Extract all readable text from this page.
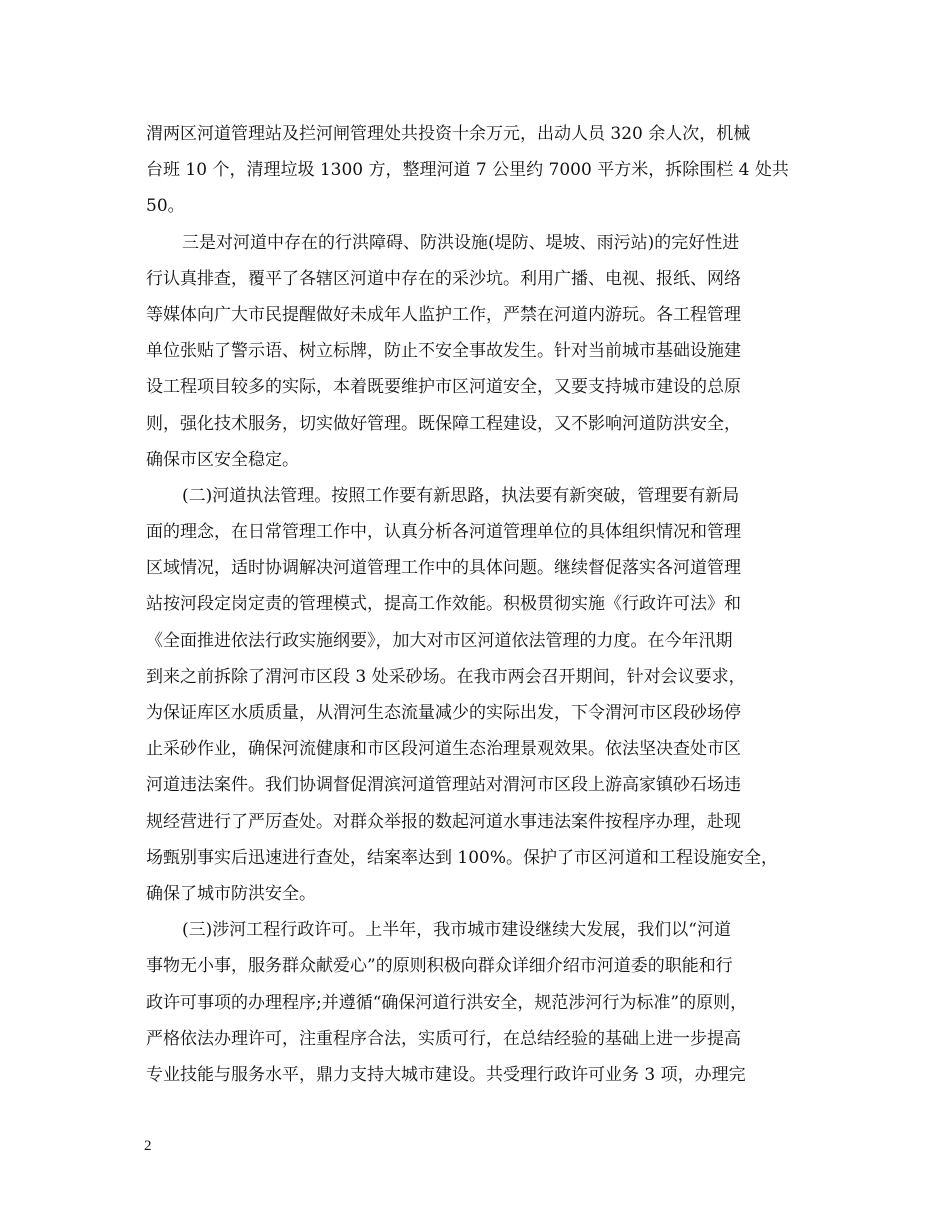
渭两区河道管理站及拦河闸管理处共投资十余万元，出动人员 320 余人次，机械
台班 10 个，清理垃圾 1300 方，整理河道 7 公里约 7000 平方米，拆除围栏 4 处共
50。
三是对河道中存在的行洪障碍、防洪设施(堤防、堤坡、雨污站)的完好性进
行认真排查，覆平了各辖区河道中存在的采沙坑。利用广播、电视、报纸、网络
等媒体向广大市民提醒做好未成年人监护工作，严禁在河道内游玩。各工程管理
单位张贴了警示语、树立标牌，防止不安全事故发生。针对当前城市基础设施建
设工程项目较多的实际，本着既要维护市区河道安全，又要支持城市建设的总原
则，强化技术服务，切实做好管理。既保障工程建设，又不影响河道防洪安全，
确保市区安全稳定。
(二)河道执法管理。按照工作要有新思路，执法要有新突破，管理要有新局
面的理念，在日常管理工作中，认真分析各河道管理单位的具体组织情况和管理
区域情况，适时协调解决河道管理工作中的具体问题。继续督促落实各河道管理
站按河段定岗定责的管理模式，提高工作效能。积极贯彻实施《行政许可法》和
《全面推进依法行政实施纲要》，加大对市区河道依法管理的力度。在今年汛期
到来之前拆除了渭河市区段 3 处采砂场。在我市两会召开期间，针对会议要求，
为保证库区水质质量，从渭河生态流量减少的实际出发，下令渭河市区段砂场停
止采砂作业，确保河流健康和市区段河道生态治理景观效果。依法坚决查处市区
河道违法案件。我们协调督促渭滨河道管理站对渭河市区段上游高家镇砂石场违
规经营进行了严厉查处。对群众举报的数起河道水事违法案件按程序办理，赴现
场甄别事实后迅速进行查处，结案率达到 100%。保护了市区河道和工程设施安全，
确保了城市防洪安全。
(三)涉河工程行政许可。上半年，我市城市建设继续大发展，我们以“河道
事物无小事，服务群众献爱心”的原则积极向群众详细介绍市河道委的职能和行
政许可事项的办理程序;并遵循“确保河道行洪安全，规范涉河行为标准”的原则，
严格依法办理许可，注重程序合法，实质可行，在总结经验的基础上进一步提高
专业技能与服务水平，鼎力支持大城市建设。共受理行政许可业务 3 项，办理完
2
